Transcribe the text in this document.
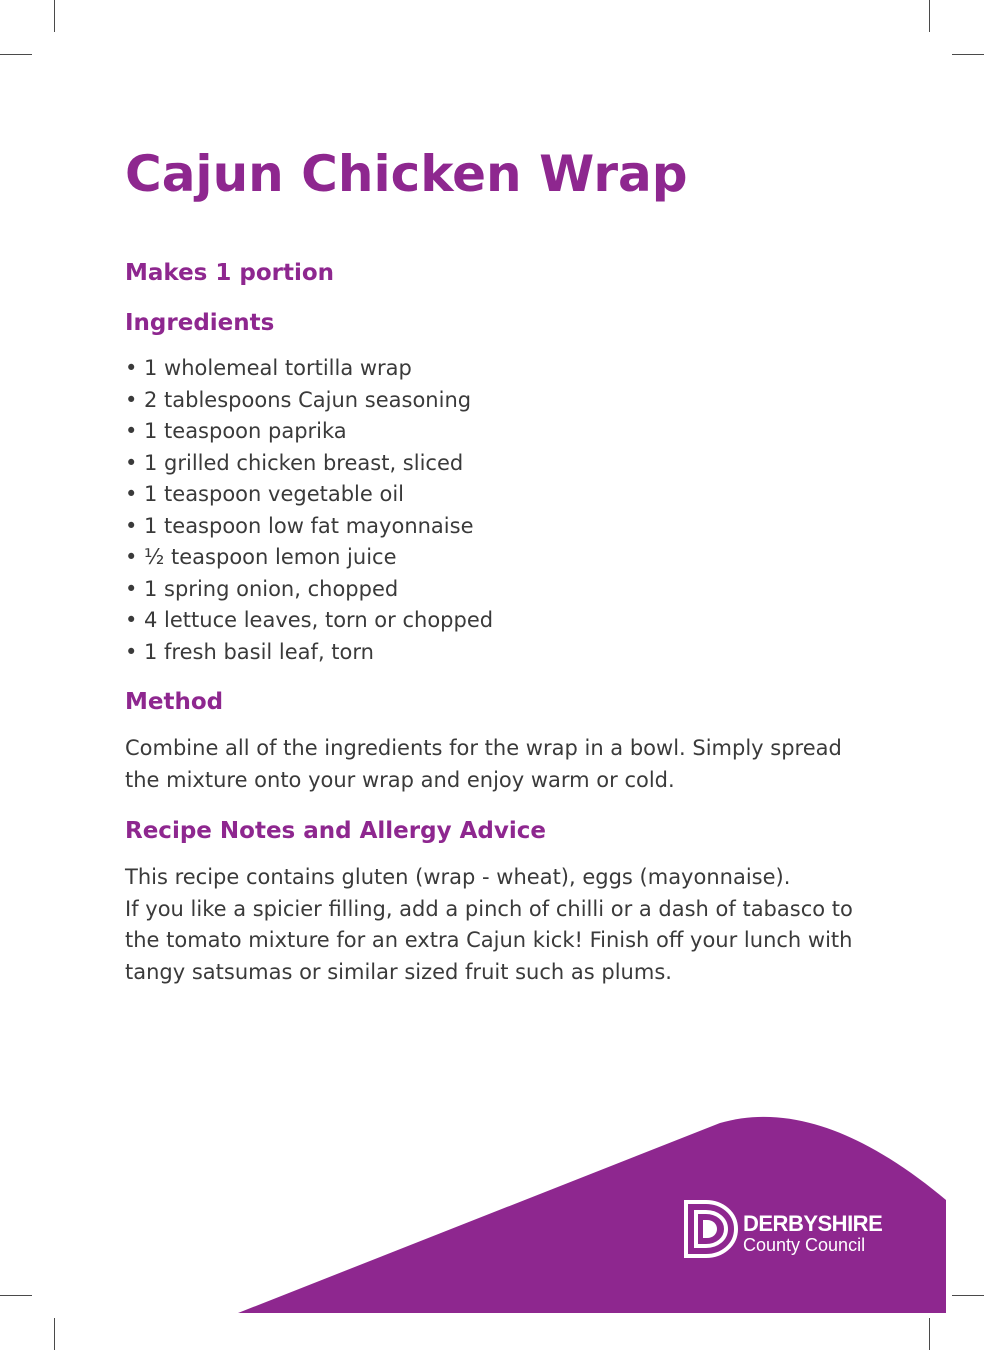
Cajun Chicken Wrap
Makes 1 portion
Ingredients
• 1 wholemeal tortilla wrap
• 2 tablespoons Cajun seasoning
• 1 teaspoon paprika
• 1 grilled chicken breast, sliced
• 1 teaspoon vegetable oil
• 1 teaspoon low fat mayonnaise
• ½ teaspoon lemon juice
• 1 spring onion, chopped
• 4 lettuce leaves, torn or chopped
• 1 fresh basil leaf, torn
Method

Combine all of the ingredients for the wrap in a bowl. Simply spread
the mixture onto your wrap and enjoy warm or cold.

Recipe Notes and Allergy Advice

This recipe contains gluten (wrap - wheat), eggs (mayonnaise).
If you like a spicier filling, add a pinch of chilli or a dash of tabasco to
the tomato mixture for an extra Cajun kick! Finish off your lunch with
tangy satsumas or similar sized fruit such as plums.

DERBYSHIRE
County Council
